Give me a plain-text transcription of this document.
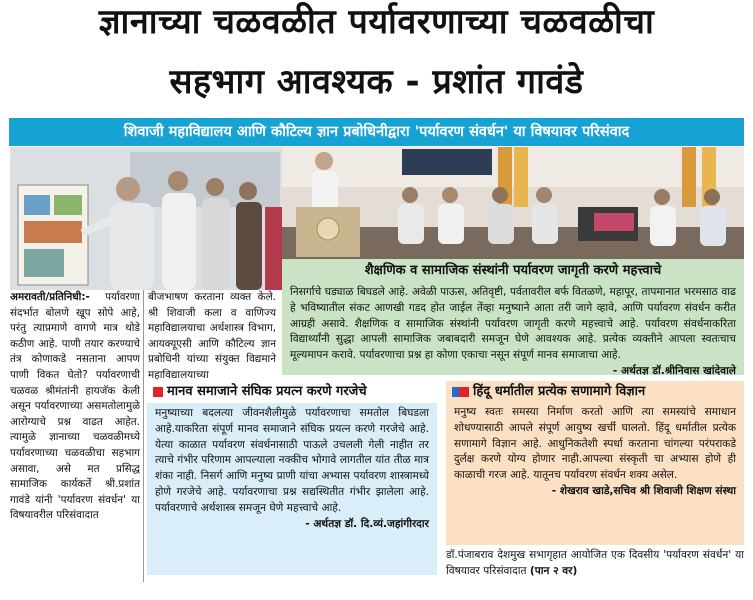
ज्ञानाच्या चळवळीत पर्यावरणाच्या चळवळीचा
सहभाग आवश्यक - प्रशांत गावंडे
शिवाजी महाविद्यालय आणि कौटिल्य ज्ञान प्रबोधिनीद्वारा 'पर्यावरण संवर्धन' या विषयावर परिसंवाद
शैक्षणिक व सामाजिक संस्थांनी पर्यावरण जागृती करणे महत्त्वाचे
निसर्गाचे घड्याळ बिघडले आहे. अवेळी पाऊस, अतिवृष्टी, पर्वतावरील बर्फ वितळणे, महापूर, तापमानात भरमसाठ वाढ हे भविष्यातील संकट आणखी गडद होत जाईल तेंव्हा मनुष्याने आता तरी जागे व्हावे, आणि पर्यावरण संवर्धन करीत आग्रही असावे. शैक्षणिक व सामाजिक संस्थांनी पर्यावरण जागृती करणे महत्त्वाचे आहे. पर्यावरण संवर्धनाकरिता विद्यार्थ्यांनी सुद्धा आपली सामाजिक जबाबदारी समजून घेणे आवश्यक आहे. प्रत्येक व्यक्तीने आपला स्वतःचाच मूल्यमापन करावे. पर्यावरणाचा प्रश्न हा कोणा एकाचा नसून संपूर्ण मानव समाजाचा आहे.
- अर्थतज्ञ डॉ.श्रीनिवास खांदेवाले
अमरावती/प्रतिनिधी:- पर्यावरणा संदर्भात बोलणे खूप सोपे आहे, परंतु त्याप्रमाणे वागणे मात्र थोडे कठीण आहे. पाणी तयार करण्याचे तंत्र कोणाकडे नसताना आपण पाणी विकत घेतो? पर्यावरणाची चळवळ श्रीमंतांनी हायजॅक केली असून पर्यावरणाच्या असमतोलामुळे आरोग्याचे प्रश्न वाढत आहेत. त्यामुळे ज्ञानाच्या चळवळीमध्ये पर्यावरणाच्या चळवळीचा सहभाग असावा, असे मत प्रसिद्ध सामाजिक कार्यकर्ते श्री.प्रशांत गावंडे यांनी 'पर्यावरण संवर्धन' या विषयावरील परिसंवादात
बीजभाषण करताना व्यक्त केले. श्री शिवाजी कला व वाणिज्य महाविद्यालयाचा अर्थशास्त्र विभाग, आयक्यूएसी आणि कौटिल्य ज्ञान प्रबोधिनी यांच्या संयुक्त विद्यमाने महाविद्यालयाच्या
मानव समाजाने संघिक प्रयत्न करणे गरजेचे
मनुष्याच्या बदलत्या जीवनशैलीमुळे पर्यावरणाचा समतोल बिघडला आहे.याकरिता संपूर्ण मानव समाजाने संघिक प्रयत्न करणे गरजेचे आहे. येत्या काळात पर्यावरण संवर्धनासाठी पाऊले उचलली गेली नाहीत तर त्याचे गंभीर परिणाम आपल्याला नक्कीच भोगावे लागतील यांत तीळ मात्र शंका नाही. निसर्ग आणि मनुष्य प्राणी यांचा अभ्यास पर्यावरण शास्त्रामध्ये होणे गरजेचे आहे. पर्यावरणाचा प्रश्न सद्यस्थितीत गंभीर झालेला आहे. पर्यावरणाचे अर्थशास्त्र समजून घेणे महत्त्वाचे आहे.
- अर्थतज्ञ डॉ. दि.व्यं.जहांगीरदार
हिंदू धर्मातील प्रत्येक सणामागे विज्ञान
मनुष्य स्वतः समस्या निर्माण करतो आणि त्या समस्यांचे समाधान शोधण्यासाठी आपले संपूर्ण आयुष्य खर्ची घालतो. हिंदू धर्मातील प्रत्येक सणामागे विज्ञान आहे. आधुनिकतेशी स्पर्धा करताना चांगल्या परंपराकडे दुर्लक्ष करणे योग्य होणार नाही.आपल्या संस्कृती चा अभ्यास होणे ही काळाची गरज आहे. यातूनच पर्यावरण संवर्धन शक्य असेल.
- शेखराव खाडे,सचिव श्री शिवाजी शिक्षण संस्था
डॉ.पंजाबराव देशमुख सभागृहात आयोजित एक दिवसीय 'पर्यावरण संवर्धन' या विषयावर परिसंवादात (पान २ वर)
